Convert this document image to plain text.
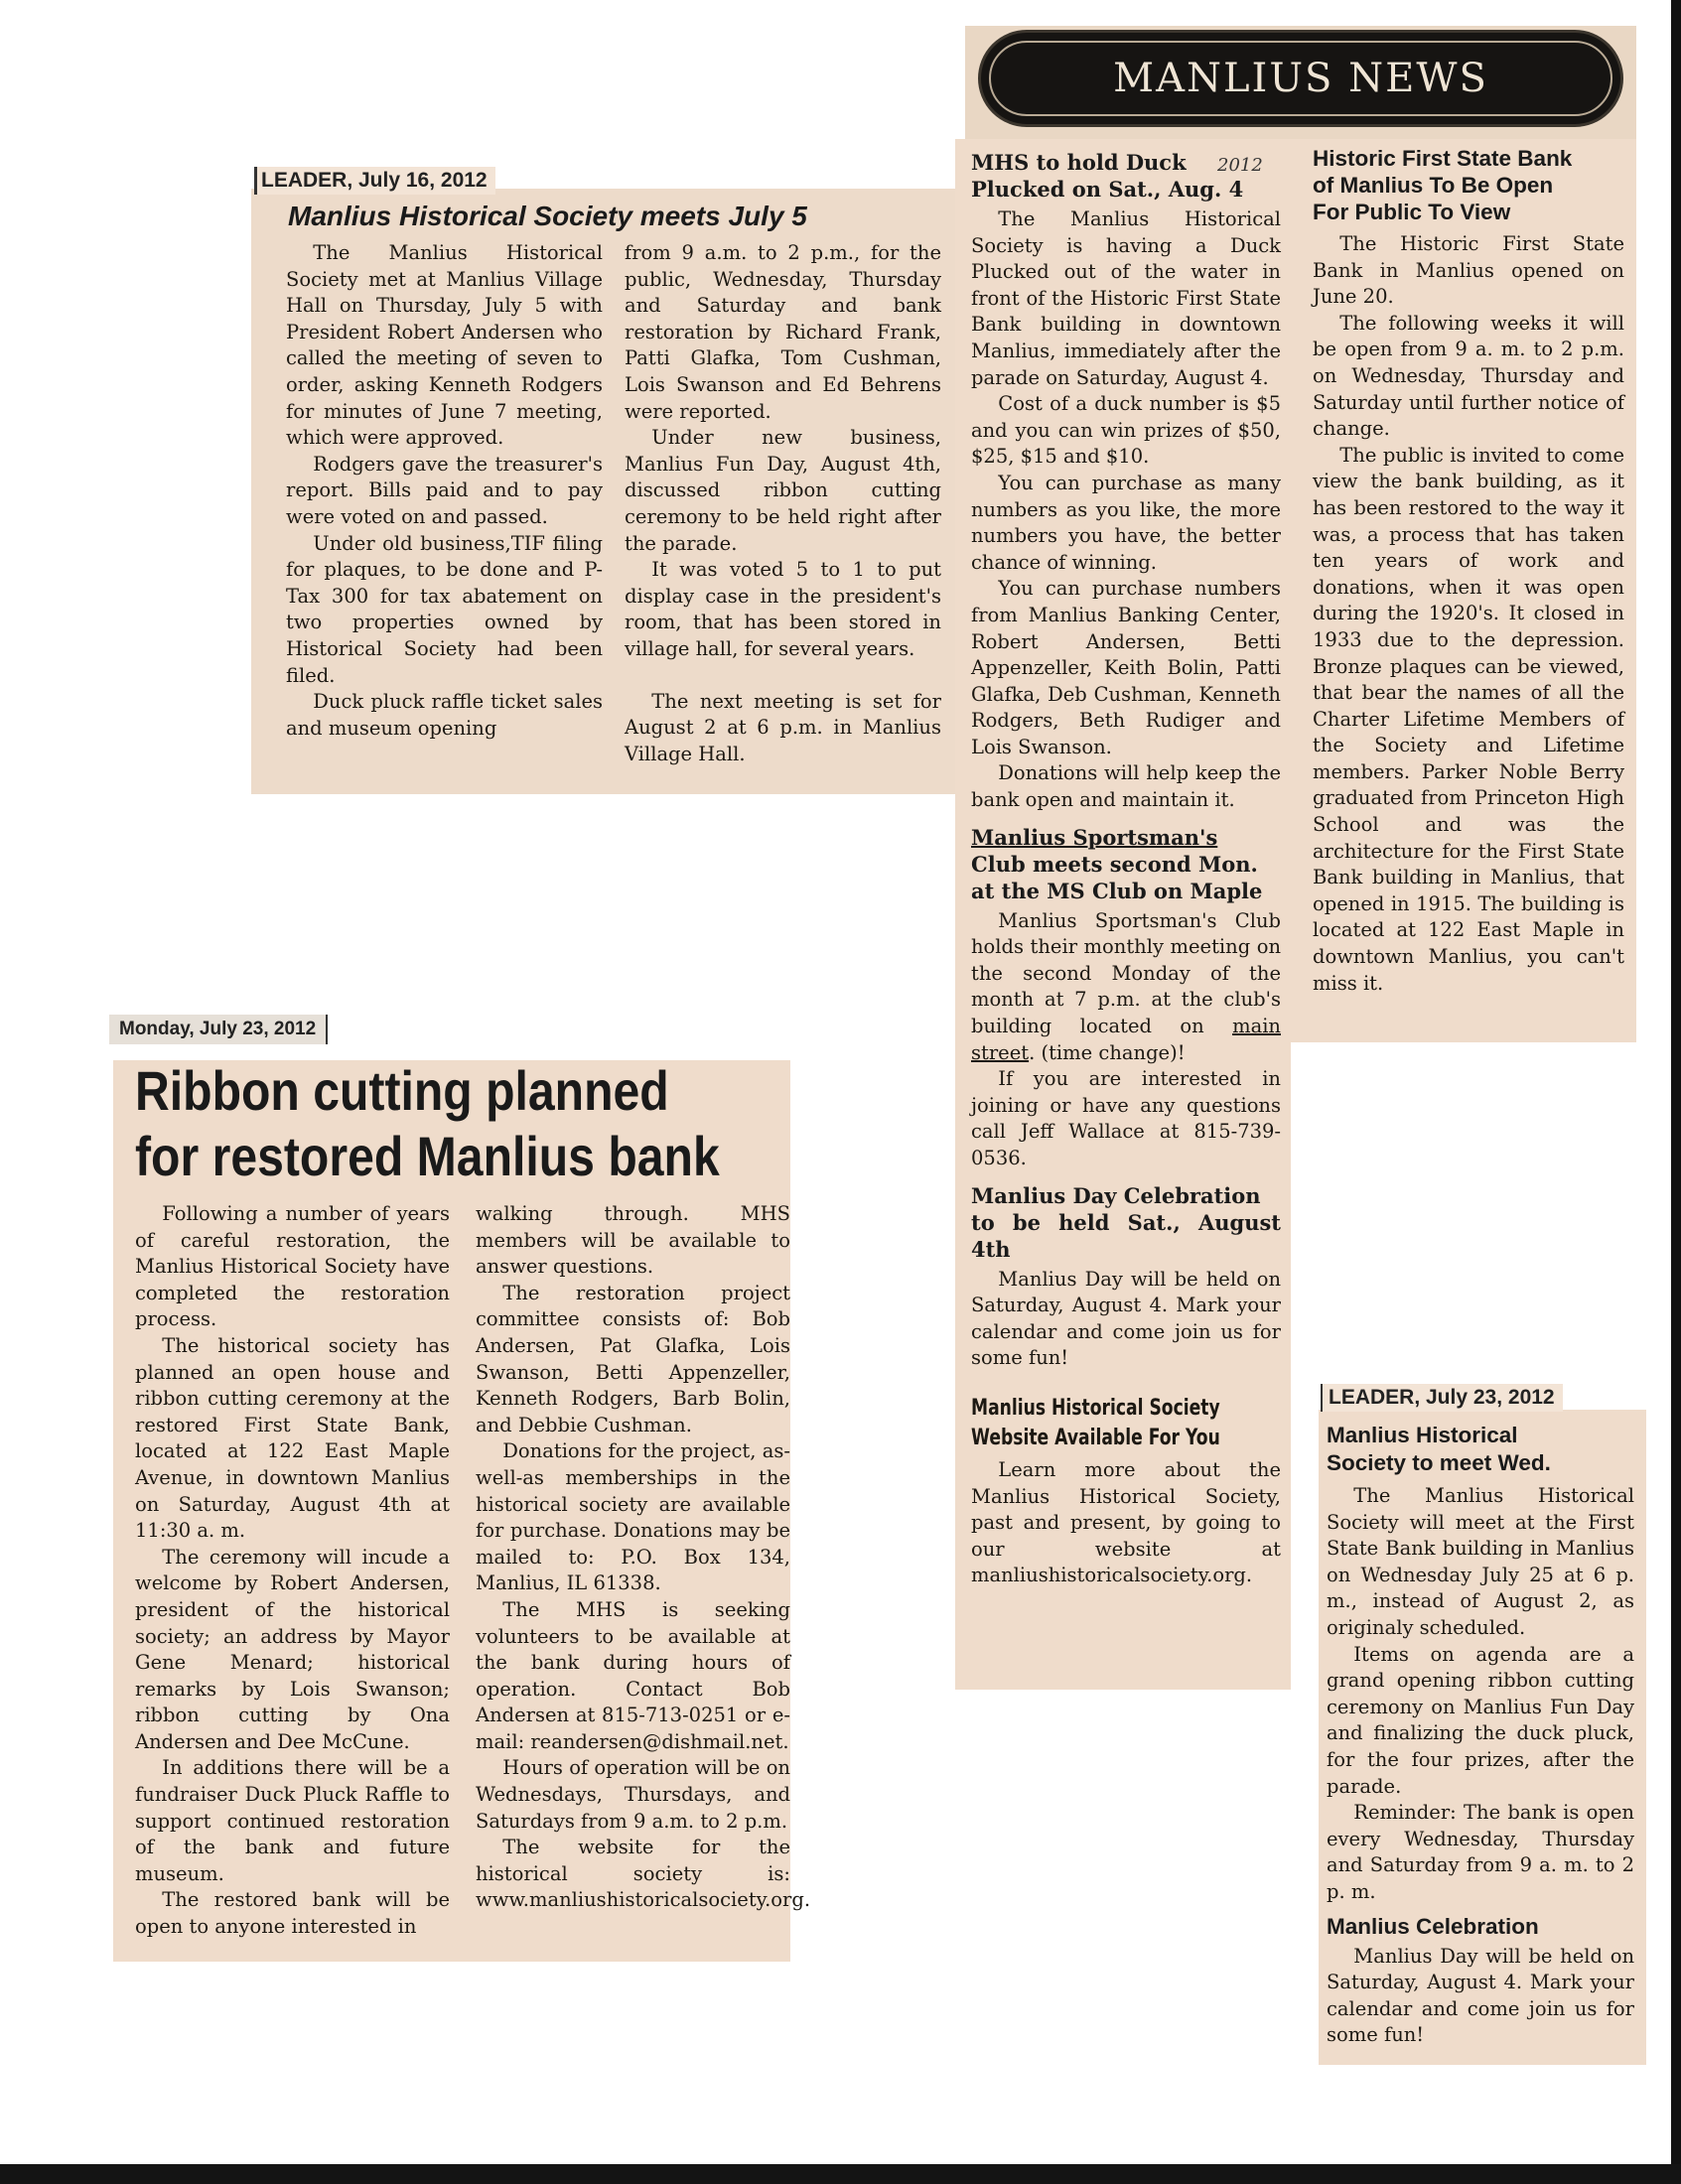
LEADER, July 16, 2012
Manlius Historical Society meets July 5

The Manlius Historical Society met at Manlius Village Hall on Thursday, July 5 with President Robert Andersen who called the meeting of seven to order, asking Kenneth Rodgers for minutes of June 7 meeting, which were approved.

Rodgers gave the treasurer's report. Bills paid and to pay were voted on and passed.

Under old business,TIF filing for plaques, to be done and P-Tax 300 for tax abatement on two properties owned by Historical Society had been filed.

Duck pluck raffle ticket sales and museum opening

from 9 a.m. to 2 p.m., for the public, Wednesday, Thursday and Saturday and bank restoration by Richard Frank, Patti Glafka, Tom Cushman, Lois Swanson and Ed Behrens were reported.

Under new business, Manlius Fun Day, August 4th, discussed ribbon cutting ceremony to be held right after the parade.

It was voted 5 to 1 to put display case in the president's room, that has been stored in village hall, for several years.

The next meeting is set for August 2 at 6 p.m. in Manlius Village Hall.

Monday, July 23, 2012
Ribbon cutting planned
for restored Manlius bank

Following a number of years of careful restoration, the Manlius Historical Society have completed the restoration process.

The historical society has planned an open house and ribbon cutting ceremony at the restored First State Bank, located at 122 East Maple Avenue, in downtown Manlius on Saturday, August 4th at 11:30 a. m.

The ceremony will incude a welcome by Robert Andersen, president of the historical society; an address by Mayor Gene Menard; historical remarks by Lois Swanson; ribbon cutting by Ona Andersen and Dee McCune.

In additions there will be a fundraiser Duck Pluck Raffle to support continued restoration of the bank and future museum.

The restored bank will be open to anyone interested in

walking through. MHS members will be available to answer questions.

The restoration project committee consists of: Bob Andersen, Pat Glafka, Lois Swanson, Betti Appenzeller, Kenneth Rodgers, Barb Bolin, and Debbie Cushman.

Donations for the project, as-well-as memberships in the historical society are available for purchase. Donations may be mailed to: P.O. Box 134, Manlius, IL 61338.

The MHS is seeking volunteers to be available at the bank during hours of operation. Contact Bob Andersen at 815-713-0251 or e-mail: reandersen@dishmail.net.

Hours of operation will be on Wednesdays, Thursdays, and Saturdays from 9 a.m. to 2 p.m.

The website for the historical society is: www.manliushistoricalsociety.org.

MANLIUS NEWS
2012
MHS to hold Duck
Plucked on Sat., Aug. 4

The Manlius Historical Society is having a Duck Plucked out of the water in front of the Historic First State Bank building in downtown Manlius, immediately after the parade on Saturday, August 4.

Cost of a duck number is $5 and you can win prizes of $50, $25, $15 and $10.

You can purchase as many numbers as you like, the more numbers you have, the better chance of winning.

You can purchase numbers from Manlius Banking Center, Robert Andersen, Betti Appenzeller, Keith Bolin, Patti Glafka, Deb Cushman, Kenneth Rodgers, Beth Rudiger and Lois Swanson.

Donations will help keep the bank open and maintain it.

Manlius Sportsman's
Club meets second Mon.
at the MS Club on Maple

Manlius Sportsman's Club holds their monthly meeting on the second Monday of the month at 7 p.m. at the club's building located on main street. (time change)!

If you are interested in joining or have any questions call Jeff Wallace at 815-739-0536.

Manlius Day Celebration
to be held Sat., August 4th

Manlius Day will be held on Saturday, August 4. Mark your calendar and come join us for some fun!

Manlius Historical Society
Website Available For You

Learn more about the Manlius Historical Society, past and present, by going to our website at manliushistoricalsociety.org.

Historic First State Bank
of Manlius To Be Open
For Public To View

The Historic First State Bank in Manlius opened on June 20.

The following weeks it will be open from 9 a. m. to 2 p.m. on Wednesday, Thursday and Saturday until further notice of change.

The public is invited to come view the bank building, as it has been restored to the way it was, a process that has taken ten years of work and donations, when it was open during the 1920's. It closed in 1933 due to the depression. Bronze plaques can be viewed, that bear the names of all the Charter Lifetime Members of the Society and Lifetime members. Parker Noble Berry graduated from Princeton High School and was the architecture for the First State Bank building in Manlius, that opened in 1915. The building is located at 122 East Maple in downtown Manlius, you can't miss it.

LEADER, July 23, 2012
Manlius Historical
Society to meet Wed.

The Manlius Historical Society will meet at the First State Bank building in Manlius on Wednesday July 25 at 6 p. m., instead of August 2, as originaly scheduled.

Items on agenda are a grand opening ribbon cutting ceremony on Manlius Fun Day and finalizing the duck pluck, for the four prizes, after the parade.

Reminder: The bank is open every Wednesday, Thursday and Saturday from 9 a. m. to 2 p. m.

Manlius Celebration

Manlius Day will be held on Saturday, August 4. Mark your calendar and come join us for some fun!
